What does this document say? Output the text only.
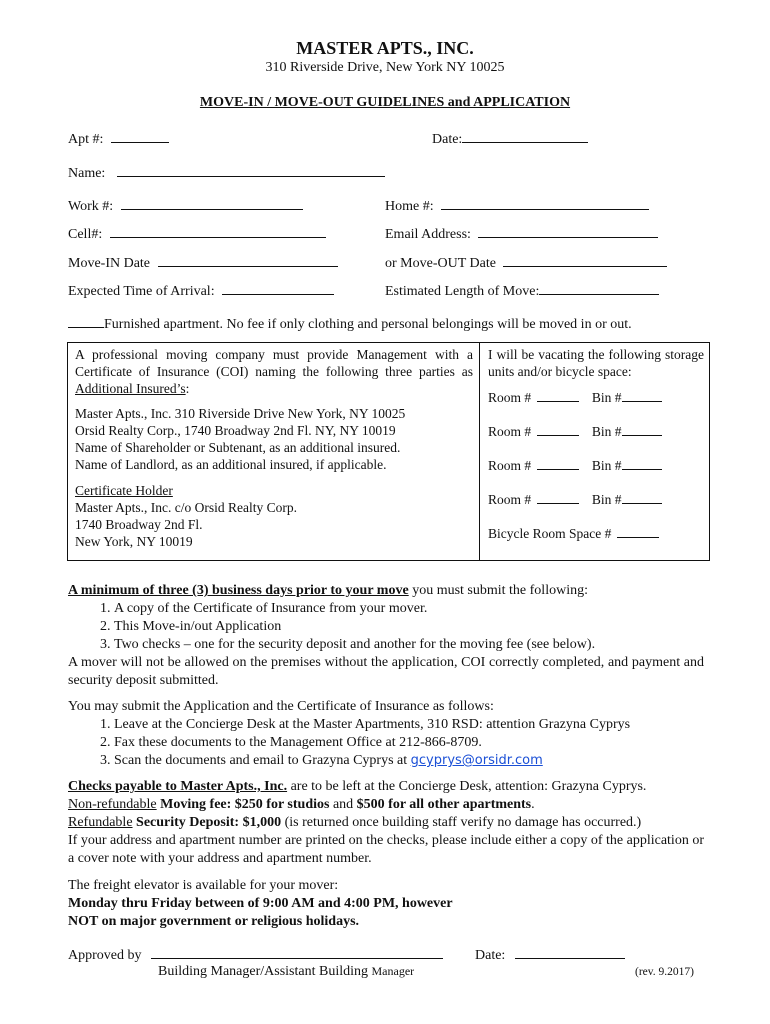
MASTER APTS., INC.
310 Riverside Drive, New York NY 10025
MOVE-IN / MOVE-OUT GUIDELINES and APPLICATION
Apt #:	Date:
Name:
Work #:	Home #:
Cell#:	Email Address:
Move-IN Date	or Move-OUT Date
Expected Time of Arrival:	Estimated Length of Move:
Furnished apartment. No fee if only clothing and personal belongings will be moved in or out.
A professional moving company must provide Management with a Certificate of Insurance (COI) naming the following three parties as Additional Insured’s:
Master Apts., Inc. 310 Riverside Drive New York, NY 10025
Orsid Realty Corp., 1740 Broadway 2nd Fl. NY, NY 10019
Name of Shareholder or Subtenant, as an additional insured.
Name of Landlord, as an additional insured, if applicable.
Certificate Holder
Master Apts., Inc. c/o Orsid Realty Corp.
1740 Broadway 2nd Fl.
New York, NY 10019
I will be vacating the following storage units and/or bicycle space:
Room #	Bin #
Room #	Bin #
Room #	Bin #
Room #	Bin #
Bicycle Room Space #
A minimum of three (3) business days prior to your move you must submit the following:
1. A copy of the Certificate of Insurance from your mover.
2. This Move-in/out Application
3. Two checks – one for the security deposit and another for the moving fee (see below).
A mover will not be allowed on the premises without the application, COI correctly completed, and payment and security deposit submitted.
You may submit the Application and the Certificate of Insurance as follows:
1. Leave at the Concierge Desk at the Master Apartments, 310 RSD: attention Grazyna Cyprys
2. Fax these documents to the Management Office at 212-866-8709.
3. Scan the documents and email to Grazyna Cyprys at gcyprys@orsidr.com
Checks payable to Master Apts., Inc. are to be left at the Concierge Desk, attention: Grazyna Cyprys.
Non-refundable Moving fee: $250 for studios and $500 for all other apartments.
Refundable Security Deposit: $1,000 (is returned once building staff verify no damage has occurred.)
If your address and apartment number are printed on the checks, please include either a copy of the application or a cover note with your address and apartment number.
The freight elevator is available for your mover:
Monday thru Friday between of 9:00 AM and 4:00 PM, however
NOT on major government or religious holidays.
Approved by	Date:
Building Manager/Assistant Building Manager	(rev. 9.2017)
